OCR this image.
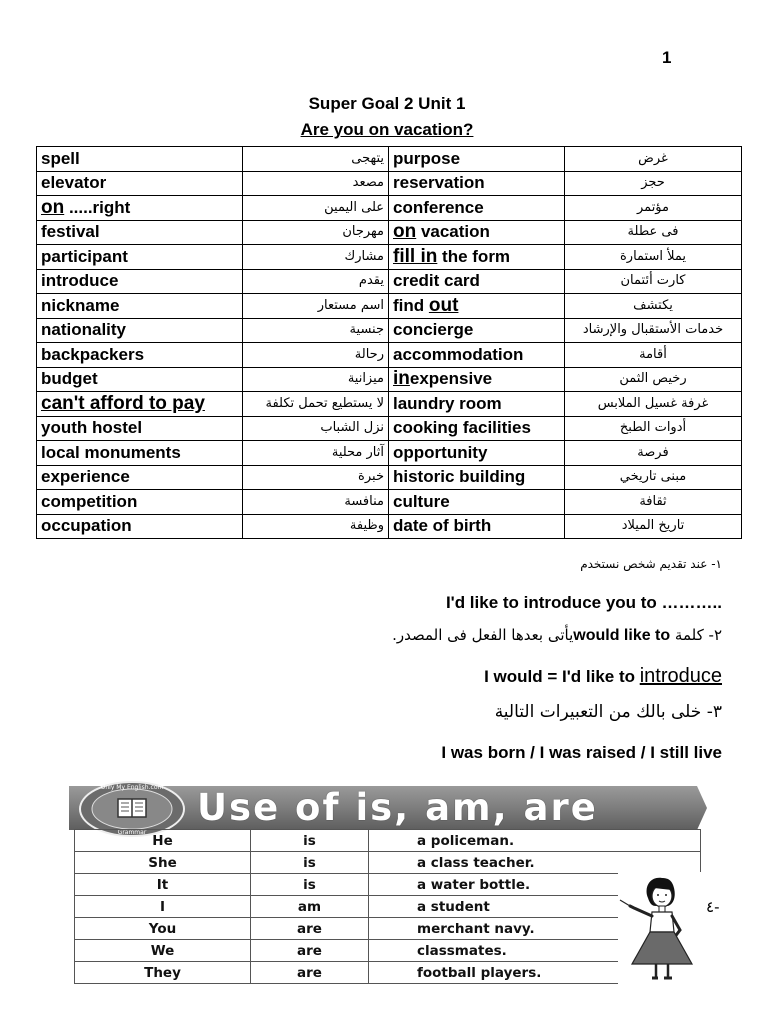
1
Super Goal 2 Unit 1
Are you on vacation?
spell	يتهجى	purpose	غرض
elevator	مصعد	reservation	حجز
on .....right	على اليمين	conference	مؤتمر
festival	مهرجان	on vacation	فى عطلة
participant	مشارك	fill in the form	يملأ استمارة
introduce	يقدم	credit card	كارت أئتمان
nickname	اسم مستعار	find out	يكتشف
nationality	جنسية	concierge	خدمات الأستقبال والإرشاد
backpackers	رحالة	accommodation	أقامة
budget	ميزانية	inexpensive	رخيص الثمن
can't afford to pay	لا يستطيع تحمل تكلفة	laundry room	غرفة غسيل الملابس
youth hostel	نزل الشباب	cooking facilities	أدوات الطبخ
local monuments	آثار محلية	opportunity	فرصة
experience	خبرة	historic building	مبنى تاريخي
competition	منافسة	culture	ثقافة
occupation	وظيفة	date of birth	تاريخ الميلاد
١- عند تقديم شخص نستخدم
I'd like to introduce you to ………..
٢- كلمة would like toيأتى بعدها الفعل فى المصدر.
I would = I'd like to introduce
٣- خلى بالك من التعبيرات التالية
I was born / I was raised / I still live
Use of is, am, are
Only My English.com
Grammar He	is	a policeman.
She	is	a class teacher.
It	is	a water bottle.
I	am	a student
You	are	merchant navy.
We	are	classmates.
They	are	football players.
٤-
